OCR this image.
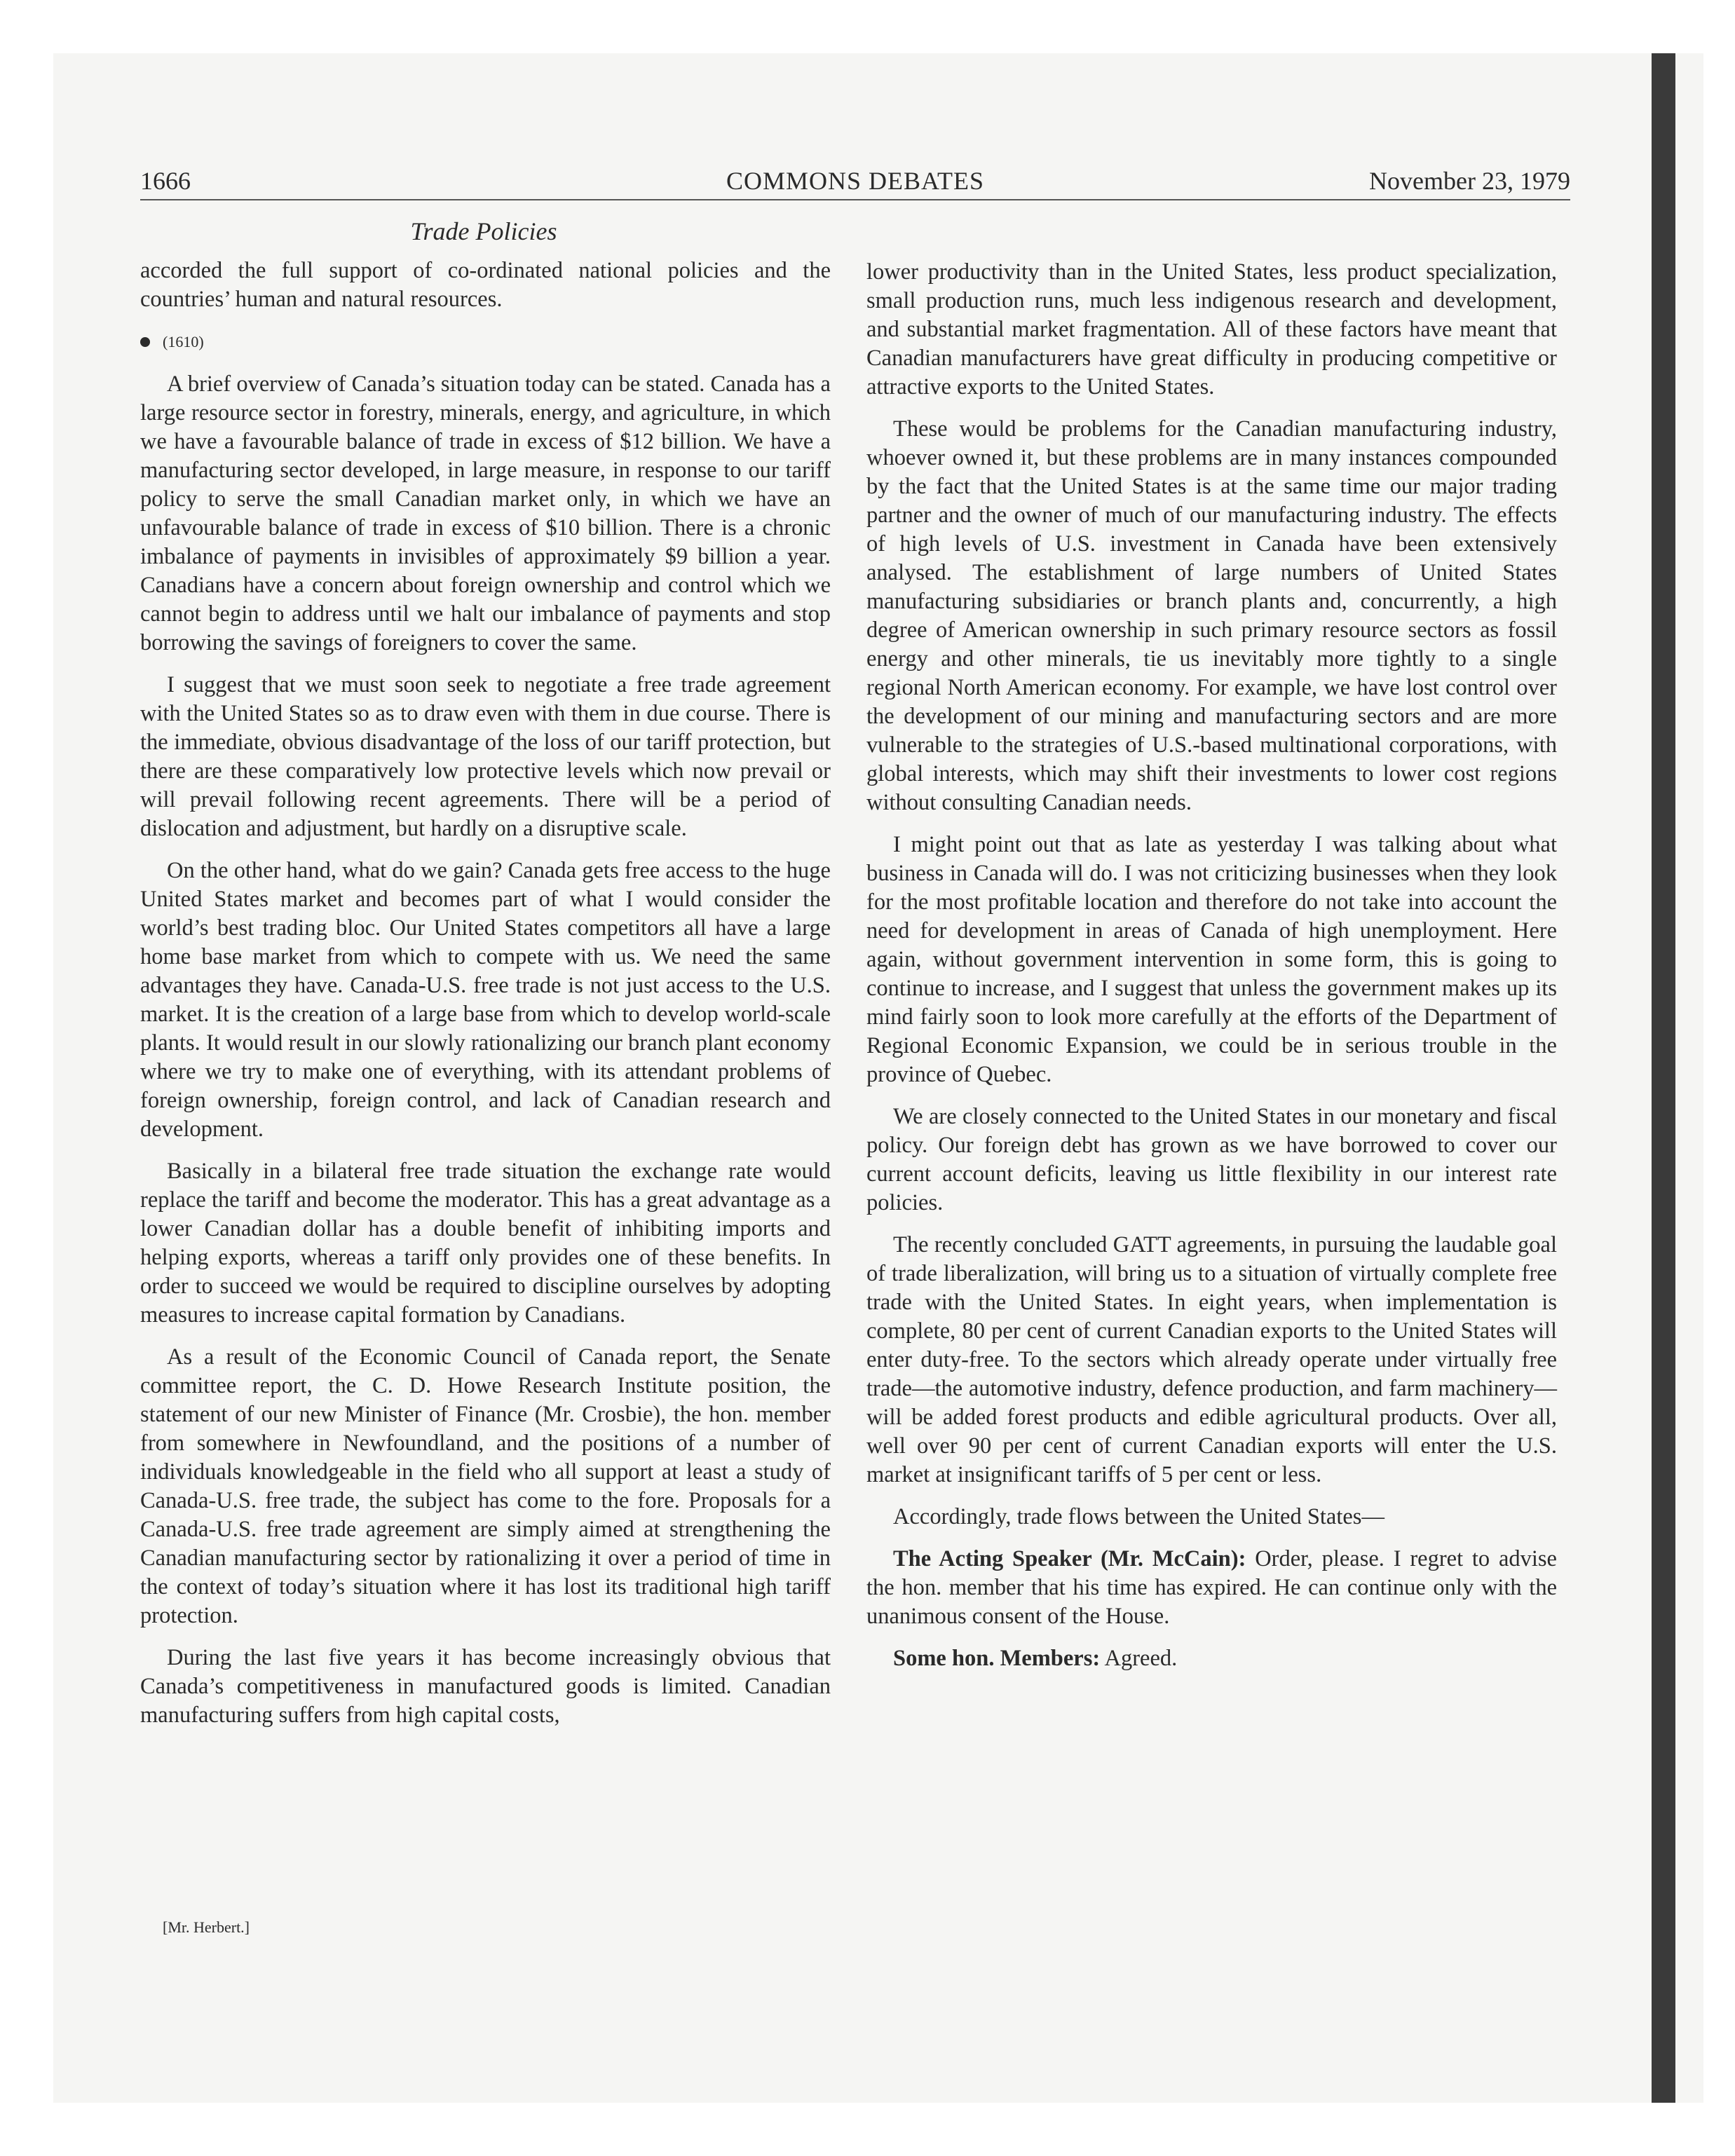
1666	COMMONS DEBATES	November 23, 1979
Trade Policies

accorded the full support of co-ordinated national policies and the countries’ human and natural resources.

(1610)

A brief overview of Canada’s situation today can be stated. Canada has a large resource sector in forestry, minerals, energy, and agriculture, in which we have a favourable balance of trade in excess of $12 billion. We have a manufacturing sector developed, in large measure, in response to our tariff policy to serve the small Canadian market only, in which we have an unfavourable balance of trade in excess of $10 billion. There is a chronic imbalance of payments in invisibles of approximately $9 billion a year. Canadians have a concern about foreign ownership and control which we cannot begin to address until we halt our imbalance of payments and stop borrowing the savings of foreigners to cover the same.

I suggest that we must soon seek to negotiate a free trade agreement with the United States so as to draw even with them in due course. There is the immediate, obvious disadvantage of the loss of our tariff protection, but there are these comparatively low protective levels which now prevail or will prevail following recent agreements. There will be a period of dislocation and adjustment, but hardly on a disruptive scale.

On the other hand, what do we gain? Canada gets free access to the huge United States market and becomes part of what I would consider the world’s best trading bloc. Our United States competitors all have a large home base market from which to compete with us. We need the same advantages they have. Canada-U.S. free trade is not just access to the U.S. market. It is the creation of a large base from which to develop world-scale plants. It would result in our slowly rationalizing our branch plant economy where we try to make one of everything, with its attendant problems of foreign ownership, foreign control, and lack of Canadian research and development.

Basically in a bilateral free trade situation the exchange rate would replace the tariff and become the moderator. This has a great advantage as a lower Canadian dollar has a double benefit of inhibiting imports and helping exports, whereas a tariff only provides one of these benefits. In order to succeed we would be required to discipline ourselves by adopting measures to increase capital formation by Canadians.

As a result of the Economic Council of Canada report, the Senate committee report, the C. D. Howe Research Institute position, the statement of our new Minister of Finance (Mr. Crosbie), the hon. member from somewhere in Newfoundland, and the positions of a number of individuals knowledgeable in the field who all support at least a study of Canada-U.S. free trade, the subject has come to the fore. Proposals for a Canada-U.S. free trade agreement are simply aimed at strengthening the Canadian manufacturing sector by rationalizing it over a period of time in the context of today’s situation where it has lost its traditional high tariff protection.

During the last five years it has become increasingly obvious that Canada’s competitiveness in manufactured goods is limited. Canadian manufacturing suffers from high capital costs,

[Mr. Herbert.]

lower productivity than in the United States, less product specialization, small production runs, much less indigenous research and development, and substantial market fragmentation. All of these factors have meant that Canadian manufacturers have great difficulty in producing competitive or attractive exports to the United States.

These would be problems for the Canadian manufacturing industry, whoever owned it, but these problems are in many instances compounded by the fact that the United States is at the same time our major trading partner and the owner of much of our manufacturing industry. The effects of high levels of U.S. investment in Canada have been extensively analysed. The establishment of large numbers of United States manufacturing subsidiaries or branch plants and, concurrently, a high degree of American ownership in such primary resource sectors as fossil energy and other minerals, tie us inevitably more tightly to a single regional North American economy. For example, we have lost control over the development of our mining and manufacturing sectors and are more vulnerable to the strategies of U.S.-based multinational corporations, with global interests, which may shift their investments to lower cost regions without consulting Canadian needs.

I might point out that as late as yesterday I was talking about what business in Canada will do. I was not criticizing businesses when they look for the most profitable location and therefore do not take into account the need for development in areas of Canada of high unemployment. Here again, without government intervention in some form, this is going to continue to increase, and I suggest that unless the government makes up its mind fairly soon to look more carefully at the efforts of the Department of Regional Economic Expansion, we could be in serious trouble in the province of Quebec.

We are closely connected to the United States in our monetary and fiscal policy. Our foreign debt has grown as we have borrowed to cover our current account deficits, leaving us little flexibility in our interest rate policies.

The recently concluded GATT agreements, in pursuing the laudable goal of trade liberalization, will bring us to a situation of virtually complete free trade with the United States. In eight years, when implementation is complete, 80 per cent of current Canadian exports to the United States will enter duty-free. To the sectors which already operate under virtually free trade—the automotive industry, defence production, and farm machinery—will be added forest products and edible agricultural products. Over all, well over 90 per cent of current Canadian exports will enter the U.S. market at insignificant tariffs of 5 per cent or less.

Accordingly, trade flows between the United States—

The Acting Speaker (Mr. McCain): Order, please. I regret to advise the hon. member that his time has expired. He can continue only with the unanimous consent of the House.

Some hon. Members: Agreed.
